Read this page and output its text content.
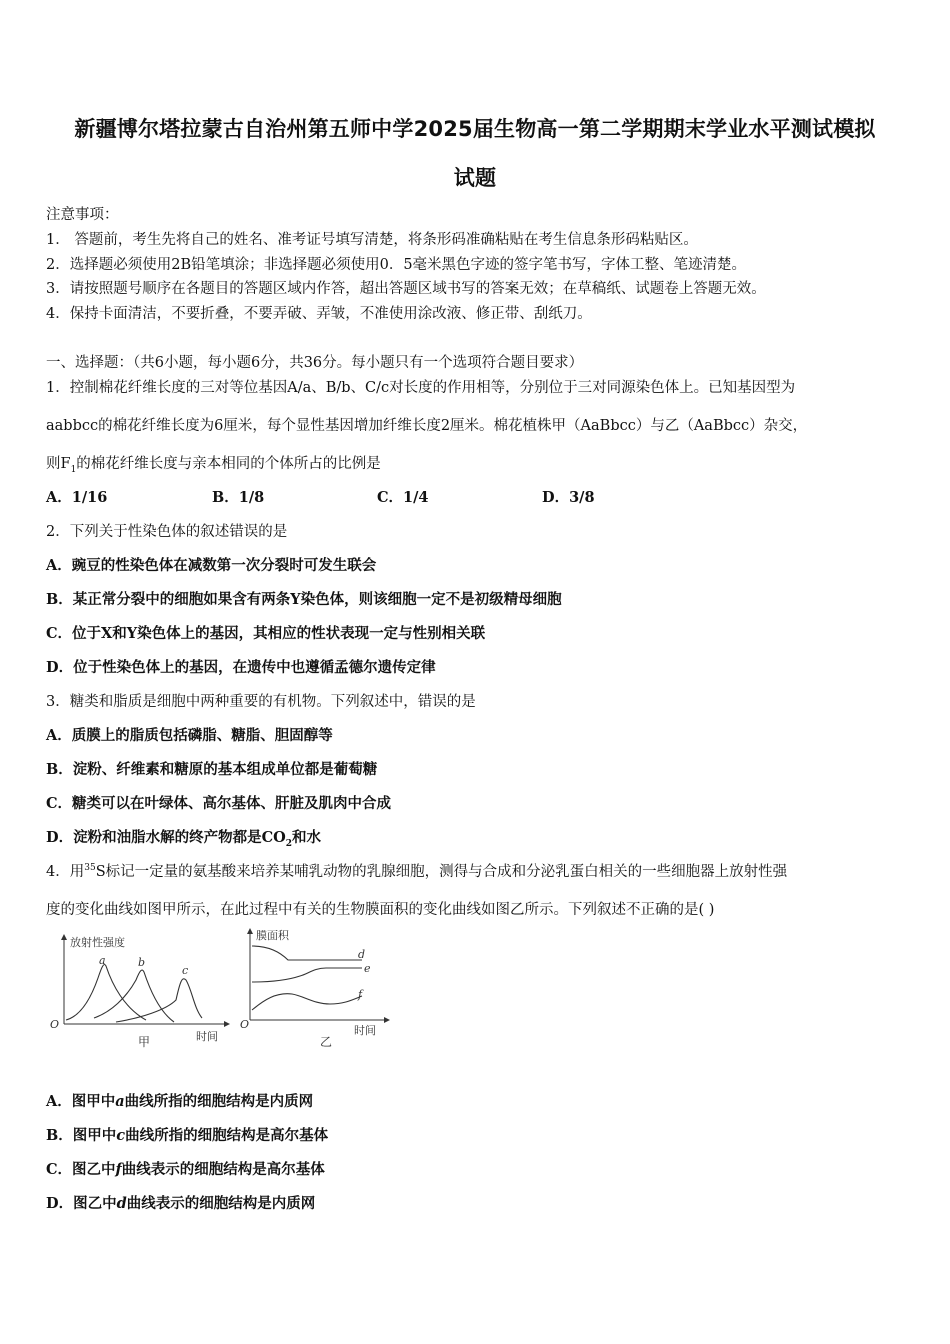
新疆博尔塔拉蒙古自治州第五师中学2025届生物高一第二学期期末学业水平测试模拟
试题
注意事项：
1． 答题前，考生先将自己的姓名、准考证号填写清楚，将条形码准确粘贴在考生信息条形码粘贴区。
2．选择题必须使用2B铅笔填涂；非选择题必须使用0．5毫米黑色字迹的签字笔书写，字体工整、笔迹清楚。
3．请按照题号顺序在各题目的答题区域内作答，超出答题区域书写的答案无效；在草稿纸、试题卷上答题无效。
4．保持卡面清洁，不要折叠，不要弄破、弄皱，不准使用涂改液、修正带、刮纸刀。
一、选择题：（共6小题，每小题6分，共36分。每小题只有一个选项符合题目要求）
1．控制棉花纤维长度的三对等位基因A/a、B/b、C/c对长度的作用相等，分别位于三对同源染色体上。已知基因型为
aabbcc的棉花纤维长度为6厘米，每个显性基因增加纤维长度2厘米。棉花植株甲（AaBbcc）与乙（AaBbcc）杂交，
则$F_1$的棉花纤维长度与亲本相同的个体所占的比例是
A．1/16	B．1/8	C．1/4	D．3/8
2．下列关于性染色体的叙述错误的是
A．豌豆的性染色体在减数第一次分裂时可发生联会
B．某正常分裂中的细胞如果含有两条Y染色体，则该细胞一定不是初级精母细胞
C．位于X和Y染色体上的基因，其相应的性状表现一定与性别相关联
D．位于性染色体上的基因，在遗传中也遵循孟德尔遗传定律
3．糖类和脂质是细胞中两种重要的有机物。下列叙述中，错误的是
A．质膜上的脂质包括磷脂、糖脂、胆固醇等
B．淀粉、纤维素和糖原的基本组成单位都是葡萄糖
C．糖类可以在叶绿体、高尔基体、肝脏及肌肉中合成
D．淀粉和油脂水解的终产物都是$CO_2$和水
4．用$^{35}$S标记一定量的氨基酸来培养某哺乳动物的乳腺细胞，测得与合成和分泌乳蛋白相关的一些细胞器上放射性强
度的变化曲线如图甲所示，在此过程中有关的生物膜面积的变化曲线如图乙所示。下列叙述不正确的是( )
放射性强度
O
时间
a	b
c
甲
膜面积
O	时间
d
e
f
乙
A．图甲中a曲线所指的细胞结构是内质网
B．图甲中c曲线所指的细胞结构是高尔基体
C．图乙中f曲线表示的细胞结构是高尔基体
D．图乙中d曲线表示的细胞结构是内质网
